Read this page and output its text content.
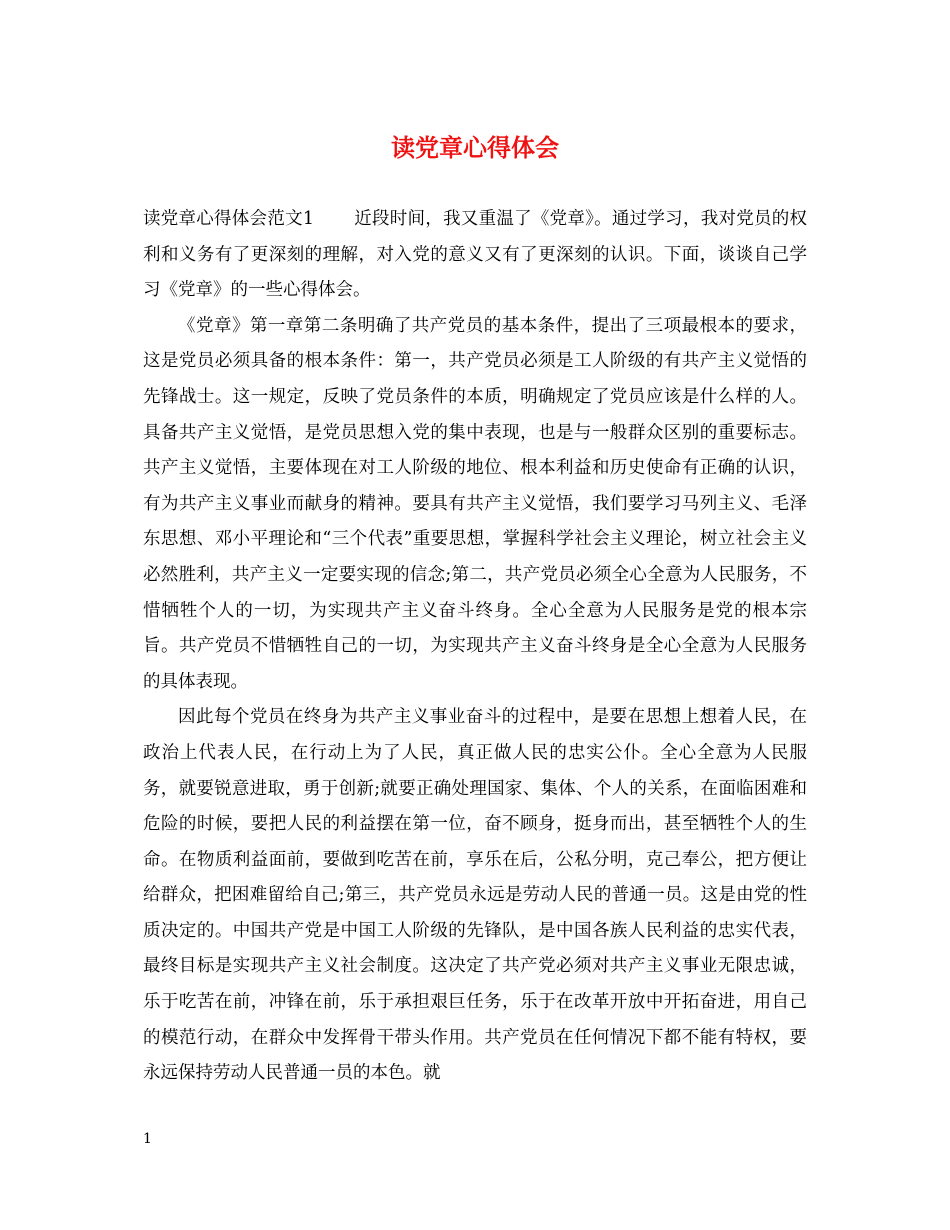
读党章心得体会

读党章心得体会范文1 近段时间，我又重温了《党章》。通过学习，我对党员的权利和义务有了更深刻的理解，对入党的意义又有了更深刻的认识。下面，谈谈自己学习《党章》的一些心得体会。

《党章》第一章第二条明确了共产党员的基本条件，提出了三项最根本的要求，这是党员必须具备的根本条件：第一，共产党员必须是工人阶级的有共产主义觉悟的先锋战士。这一规定，反映了党员条件的本质，明确规定了党员应该是什么样的人。具备共产主义觉悟，是党员思想入党的集中表现，也是与一般群众区别的重要标志。共产主义觉悟，主要体现在对工人阶级的地位、根本利益和历史使命有正确的认识，有为共产主义事业而献身的精神。要具有共产主义觉悟，我们要学习马列主义、毛泽东思想、邓小平理论和“三个代表”重要思想，掌握科学社会主义理论，树立社会主义必然胜利，共产主义一定要实现的信念;第二，共产党员必须全心全意为人民服务，不惜牺牲个人的一切，为实现共产主义奋斗终身。全心全意为人民服务是党的根本宗旨。共产党员不惜牺牲自己的一切，为实现共产主义奋斗终身是全心全意为人民服务的具体表现。

因此每个党员在终身为共产主义事业奋斗的过程中，是要在思想上想着人民，在政治上代表人民，在行动上为了人民，真正做人民的忠实公仆。全心全意为人民服务，就要锐意进取，勇于创新;就要正确处理国家、集体、个人的关系，在面临困难和危险的时候，要把人民的利益摆在第一位，奋不顾身，挺身而出，甚至牺牲个人的生命。在物质利益面前，要做到吃苦在前，享乐在后，公私分明，克己奉公，把方便让给群众，把困难留给自己;第三，共产党员永远是劳动人民的普通一员。这是由党的性质决定的。中国共产党是中国工人阶级的先锋队，是中国各族人民利益的忠实代表，最终目标是实现共产主义社会制度。这决定了共产党必须对共产主义事业无限忠诚，乐于吃苦在前，冲锋在前，乐于承担艰巨任务，乐于在改革开放中开拓奋进，用自己的模范行动，在群众中发挥骨干带头作用。共产党员在任何情况下都不能有特权，要永远保持劳动人民普通一员的本色。就

1
